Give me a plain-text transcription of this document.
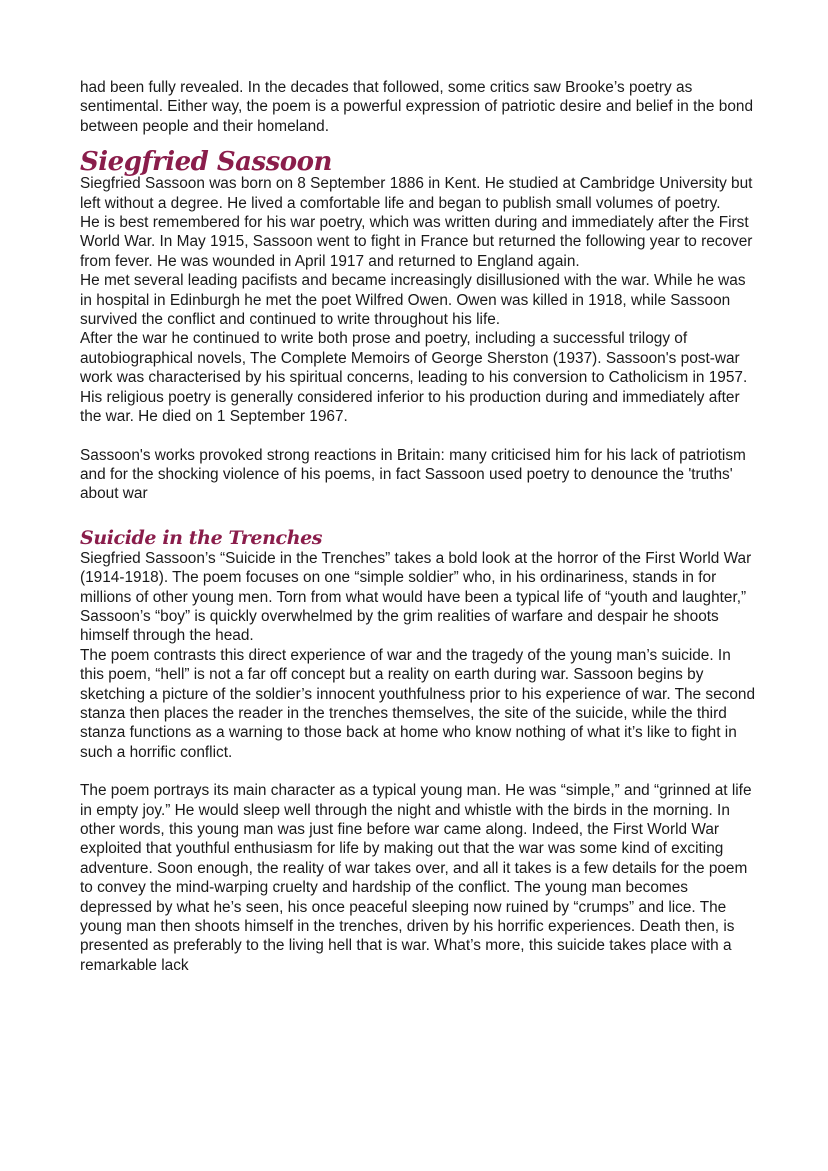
had been fully revealed. In the decades that followed, some critics saw Brooke’s poetry as sentimental. Either way, the poem is a powerful expression of patriotic desire and belief in the bond between people and their homeland.

Siegfried Sassoon

Siegfried Sassoon was born on 8 September 1886 in Kent. He studied at Cambridge University but left without a degree. He lived a comfortable life and began to publish small volumes of poetry.

He is best remembered for his war poetry, which was written during and immediately after the First World War. In May 1915, Sassoon went to fight in France but returned the following year to recover from fever. He was wounded in April 1917 and returned to England again.

He met several leading pacifists and became increasingly disillusioned with the war. While he was in hospital in Edinburgh he met the poet Wilfred Owen. Owen was killed in 1918, while Sassoon survived the conflict and continued to write throughout his life.

After the war he continued to write both prose and poetry, including a successful trilogy of autobiographical novels, The Complete Memoirs of George Sherston (1937). Sassoon's post-war work was characterised by his spiritual concerns, leading to his conversion to Catholicism in 1957.

His religious poetry is generally considered inferior to his production during and immediately after the war. He died on 1 September 1967.

Sassoon's works provoked strong reactions in Britain: many criticised him for his lack of patriotism and for the shocking violence of his poems, in fact Sassoon used poetry to denounce the 'truths' about war

Suicide in the Trenches

Siegfried Sassoon’s “Suicide in the Trenches” takes a bold look at the horror of the First World War (1914-1918). The poem focuses on one “simple soldier” who, in his ordinariness, stands in for millions of other young men. Torn from what would have been a typical life of “youth and laughter,” Sassoon’s “boy” is quickly overwhelmed by the grim realities of warfare and despair he shoots himself through the head.

The poem contrasts this direct experience of war and the tragedy of the young man’s suicide. In this poem, “hell” is not a far off concept but a reality on earth during war. Sassoon begins by sketching a picture of the soldier’s innocent youthfulness prior to his experience of war. The second stanza then places the reader in the trenches themselves, the site of the suicide, while the third stanza functions as a warning to those back at home who know nothing of what it’s like to fight in such a horrific conflict.

The poem portrays its main character as a typical young man. He was “simple,” and “grinned at life in empty joy.” He would sleep well through the night and whistle with the birds in the morning. In other words, this young man was just fine before war came along. Indeed, the First World War exploited that youthful enthusiasm for life by making out that the war was some kind of exciting adventure. Soon enough, the reality of war takes over, and all it takes is a few details for the poem to convey the mind-warping cruelty and hardship of the conflict. The young man becomes depressed by what he’s seen, his once peaceful sleeping now ruined by “crumps” and lice. The young man then shoots himself in the trenches, driven by his horrific experiences. Death then, is presented as preferably to the living hell that is war. What’s more, this suicide takes place with a remarkable lack
